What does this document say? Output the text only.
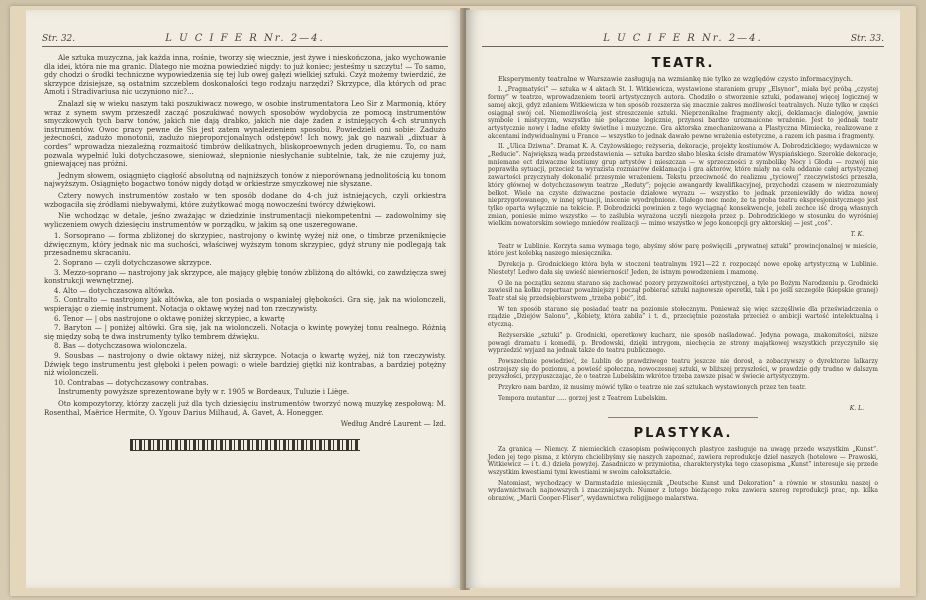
Str. 32.	L U C I F E R Nr. 2—4.

Ale sztuka muzyczna, jak każda inna, rośnie, tworzy się wiecznie, jest żywe i nieskończona, jako wychowanie dla idei, która nie ma granic. Dlatego nie można powiedzieć nigdy: to już koniec; jesteśmy u szczytu! — To samo, gdy chodzi o środki techniczne wypowiedzenia się tej lub owej gałęzi wielkiej sztuki. Czyż możemy twierdzić, że skrzypce dzisiejsze, są ostatnim szczeblem doskonałości tego rodzaju narzędzi? Skrzypce, dla których od prac Amoti i Stradivariusa nic uczyniono nic?...

Znalazł się w wieku naszym taki poszukiwacz nowego, w osobie instrumentatora Leo Sir z Marmonią, który wraz z synem swym przeszedł zacząć poszukiwać nowych sposobów wydobycia ze pomocą instrumentów smyczkowych tych barw tonów, jakich nie dają drabko, jakich nie daje żaden z istniejących 4-ch strunnych instrumentów. Owoc pracy pewne de Sis jest zatem wynalezieniem sposobu. Powiedzieli oni sobie: Zadużo jeżecności, zadużo monotonii, zadużo nieproporcjonalnych odstępów! Ich nowy, jak go nazwali „dixtuar à cordes” wprowadza niezależną rozmaitość timbrów delikatnych, bliskoproewnych jeden drugiemu. To, co nam pozwala wypełnić luki dotychczasowe, sienioważ, słepnionie niesłychanie subtelnie, tak, że nie czujemy już, gniewającej nas próżni.

Jednym słowem, osiągnięto ciągłość absolutną od najniższych tonów z nieporównaną jednolitością ku tonom najwyższym. Osiągnięto bogactwo tonów nigdy dotąd w orkiestrze smyczkowej nie słyszane.

Cztery nowych instrumentów zostało w ten sposób dodane do 4-ch już istniejących, czyli orkiestra wzbogaciła się źródłami niebywałymi, które zużytkować mogą nowocześni twórcy dźwiękowi.

Nie wchodząc w detale, jeśno zważając w dziedzinie instrumentacji niekompetentni — zadowolnimy się wyliczeniem owych dziesięciu instrumentów w porządku, w jakim są one uszeregowane.

1. Sorsoprano — forma zbliżonej do skrzypiec, nastrojony o kwintę wyżej niż one, o timbrze przeniknięcie dźwięcznym, który jednak nic ma suchości, właściwej wyższym tonom skrzypiec, gdyż struny nie podlegają tak przesadnemu skracaniu.

2. Soprano — czyli dotychczasowe skrzypce.

3. Mezzo-soprano — nastrojony jak skrzypce, ale mający głębię tonów zbliżoną do altówki, co zawdzięcza swej konstrukcji wewnętrznej.

4. Alto — dotychczasowa altówka.

5. Contralto — nastrojony jak altówka, ale ton posiada o wspaniałej głębokości. Gra się, jak na wiolonczeli, wspierając o ziemię instrument. Notacja o oktawę wyżej nad ton rzeczywisty.

6. Tenor — | obs nastrojone o oktawę poniżej skrzypiec, a kwartę

7. Baryton — | poniżej altówki. Gra się, jak na wiolonczeli. Notacja o kwintę powyżej tonu realnego. Różnią się między sobą te dwa instrumenty tylko tembrem dźwięku.

8. Bas — dotychczasowa wiolonczela.

9. Sousbas — nastrojony o dwie oktawy niżej, niż skrzypce. Notacja o kwartę wyżej, niż ton rzeczywisty. Dźwięk tego instrumentu jest głęboki i pełen powagi: o wiele bardziej giętki niż kontrabas, a bardziej potężny niż wiolonczeli.

10. Contrabas — dotychczasowy contrabas.

Instrumenty powyższe sprezentowane były w r. 1905 w Bordeaux, Tuluzie i Liège.

Oto kompozytorzy, którzy zaczęli już dla tych dziesięciu instrumentów tworzyć nową muzykę zespołową: M. Rosenthal, Maërice Hermite, O. Ygouv Darius Milhaud, A. Gavet, A. Honegger.

Według André Laurent — Izd.

L U C I F E R Nr. 2—4.	Str. 33.
TEATR.

Eksperymenty teatralne w Warszawie zasługują na wzmiankę nie tylko ze względów czysto informacyjnych.

I. „Pragmatyści” — sztuka w 4 aktach St. I. Witkiewicza, wystawione staraniem grupy „Elsynor”, miała być próbą „czystej formy” w teatrze, wprowadzeniem teorii artystycznych autora. Chodziło o stworzenie sztuki, podawanej więcej logicznej w samej akcji, gdyż zdaniem Witkiewicza w ten sposób rozszerza się znacznie zakres możliwości teatralnych. Nuże tylko w części osiągnął swój cel. Niemożliwością jest streszczenie sztuki. Nieprzenikalne fragmenty akcji, deklamacje dialogów, jawnie symbole i mistycyzm, wszystko nie połączone logicznie, przynosi bardzo urozmaicone wrażenie. Jest to jednak teatr artystycznie nowy i ładne efekty świetlne i muzyczne. Gra aktorska zmechanizowana a Plastyczna Mimiecka, realizowane z akcentami indywidualnymi u France — wszystko to jednak dawało pewne wrażenia estetyczne, a razem ich pasma i fragmenty.

II. „Ulica Dziwna”. Dramat K. A. Czyżowskiego; reżyseria, dekoracje, projekty kostiumów A. Dobrodzickiego; wydawnicze w „Reducie”. Największą wadą przedstawienia — sztuka bardzo słabo bleska ścisłe dramatów Wyspiańskiego. Szerokie dekoracje, mniemane ect dziwaczne kostiumy grup artystów i mieszczan — w sprzeczności z symbolikę Nocy i Głodu — rozwój nie poprawiła sytuacji, przecież ta wyrazista rozmiarów deklamacja i gra aktorów, które miały na celu oddanie całej artystycznej zawartości przyczynały dokonalić przesymie wrażeniem. Tekstu przeciwność do realizmu „tyciowej” rzeczywistości przeszła, który głównej w dotychczasowym teatrze „Reduty”; pojęcie awangardy kwalifikacyjnej, przychodzi czasem w niezrozumiały bełkot. Wiele na czyste dziwaczne postacie działowe wyrazu — wszystko to jednak przeniewikły do widza nowej nieprzygotowanego, w innej sytuacji, inscenie wyodrębnione. Olałego moc może, że ta proba teatru ekspresjonistycznego jest tylko oparta wyłącznie na tekście. P. Dobrodzicki powinien z tego wyciągnąć konsekwencje, jeżeli zechce iść drogą własnych zmian, poniesie mimo wszystko — to zaślubia wyrażona uczyli niezgoła przez p. Dobrodzickiego w stosunku do wyróśniej wielkim nowatorskim sowiego mniedów realizacji — mimo wszystko w jego koncepcji gry aktorskiej — jest „coś”.

T. K.

Teatr w Lublinie. Korzyta sama wymaga tego, abyśmy słów parę poświęcili „prywatnej sztuki” prowincjonalnej w mieście, które jest kolebką naszego miesięcznika.

Dyrekcja p. Grodnickiego która była w stoczeni teatralnym 1921—22 r. rozpoczęć nowe epokę artystyczną w Lublinie. Niestety! Ledwo dała się uwieść niewierności! Jeden, że istnym powodzeniem i mamonę.

O ile na początku sezonu starano się zachować pozory przyzwoitości artystycznej, a tyle po Bożym Narodzeniu p. Grodnicki zawiesił na kołku repertuar poważniejszy i począł pobierać sztuki najnowsze operetki, tak i po jeśli szczególe (kiepskie granej) Teatr stał się przedsiębiorstwem „trzeba pobić”, itd.

W ten sposób starano się posiadać teatr na poziomie stołecznym. Ponieważ się więc szczęśliwie dla przeświadczenia o rządzie „Dziejów Salonu”, „Kobiety, która zabiła” i t. d., przeciętnie pozostała przecież o ambicji wartość intelektualną i etyczną.

Reżyserskie „sztuki” p. Grodnicki, operetkowy kucharz, nie sposób naśladować. Jedyna powaga, znakomitości, niższe powagi dramatu i komedii, p. Brodowski, dzięki intrygom, niechęcia ze strony majątkowej wszystkich przyczyniło się wyprzedzić wyjazd na jednak także do teatru publicznego.

Powszechnie powiedzieć, że Lublin do prawdziwego teatru jeszcze nie dorosł, a zobaczywszy o dyrektorze lalkarzy ostrzejszy się do poziomu, a powieść społeczna, nowoczesnej sztuki, w bliższej przyszłości, w prawdzie gdy trudno w dalszym przyszłości, przypuszczając, że o teatrze Lubelskim wkrótce trzeba zawsze pisać w świecie artystycznym.

Przykro nam bardzo, iż musimy mówić tylko o teatrze nie zaś sztukach wystawionych przez ten teatr.

Tempora mutantur ..... gorzej jest z Teatrem Lubelskim.

K. L.
PLASTYKA.

Za granicą — Niemcy. Z niemieckich czasopism poświęconych plastyce zasługuje na uwagę przede wszystkim „Kunst”. Jeden jej tego pisma, z którym chcielibyśmy się naszych zapoznać, zawiera reprodukcje dzieł naszych (hotelowe — Prawoski, Witkiewicz — i t. d.) dzieła powyżej. Zasadniczo w przymiotna, charakterystyka tego czasopisma „Kunst” interesuje się przede wszystkim kwestiami tymi kwestiami w swoim całokształcie.

Natomiast, wychodzący w Darmstadzie miesięcznik „Deutsche Kunst und Dekoration” a równie w stosunku naszej o wydawnictwach najnowszych i znaczniejszych. Numer z lutego bieżącego roku zawiera szereg reprodukcji prac, np. kilka obrazów, „Marii Cooper-Fliser”, wydawnictwa religijnego malarstwa.
